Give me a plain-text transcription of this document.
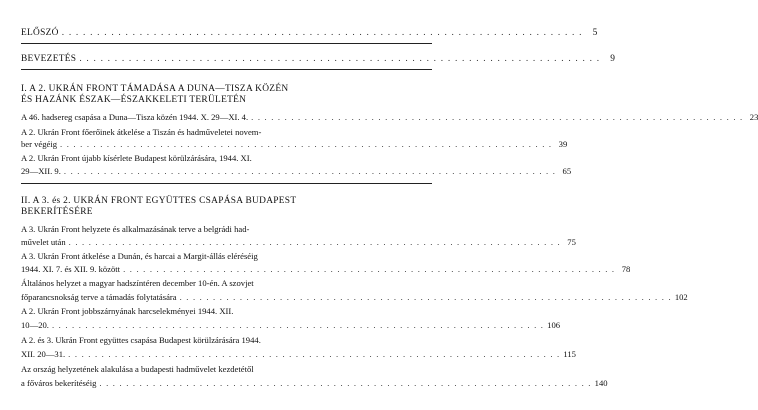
ELŐSZÓ . . .	5
BEVEZETÉS . . .	9
I. A 2. UKRÁN FRONT TÁMADÁSA A DUNA—TISZA KÖZÉN
ÉS HAZÁNK ÉSZAK—ÉSZAKKELETI TERÜLETÉN
A 46. hadsereg csapása a Duna—Tisza közén 1944. X. 29—XI. 4. . . .	23
A 2. Ukrán Front főerőinek átkelése a Tiszán és hadműveletei novem-
ber végéig . . .	39
A 2. Ukrán Front újabb kísérlete Budapest körülzárására, 1944. XI.
29—XII. 9. . . .	65
II. A 3. és 2. UKRÁN FRONT EGYÜTTES CSAPÁSA BUDAPEST
BEKERÍTÉSÉRE
A 3. Ukrán Front helyzete és alkalmazásának terve a belgrádi had-
művelet után . . .	75
A 3. Ukrán Front átkelése a Dunán, és harcai a Margit-állás eléréséig
1944. XI. 7. és XII. 9. között . . .	78
Általános helyzet a magyar hadszíntéren december 10-én. A szovjet
főparancsnokság terve a támadás folytatására . . .	102
A 2. Ukrán Front jobbszárnyának harcselekményei 1944. XII.
10—20. . . .	106
A 2. és 3. Ukrán Front együttes csapása Budapest körülzárására 1944.
XII. 20—31. . . .	115
Az ország helyzetének alakulása a budapesti hadművelet kezdetétől
a főváros bekerítéséig . . .	140
